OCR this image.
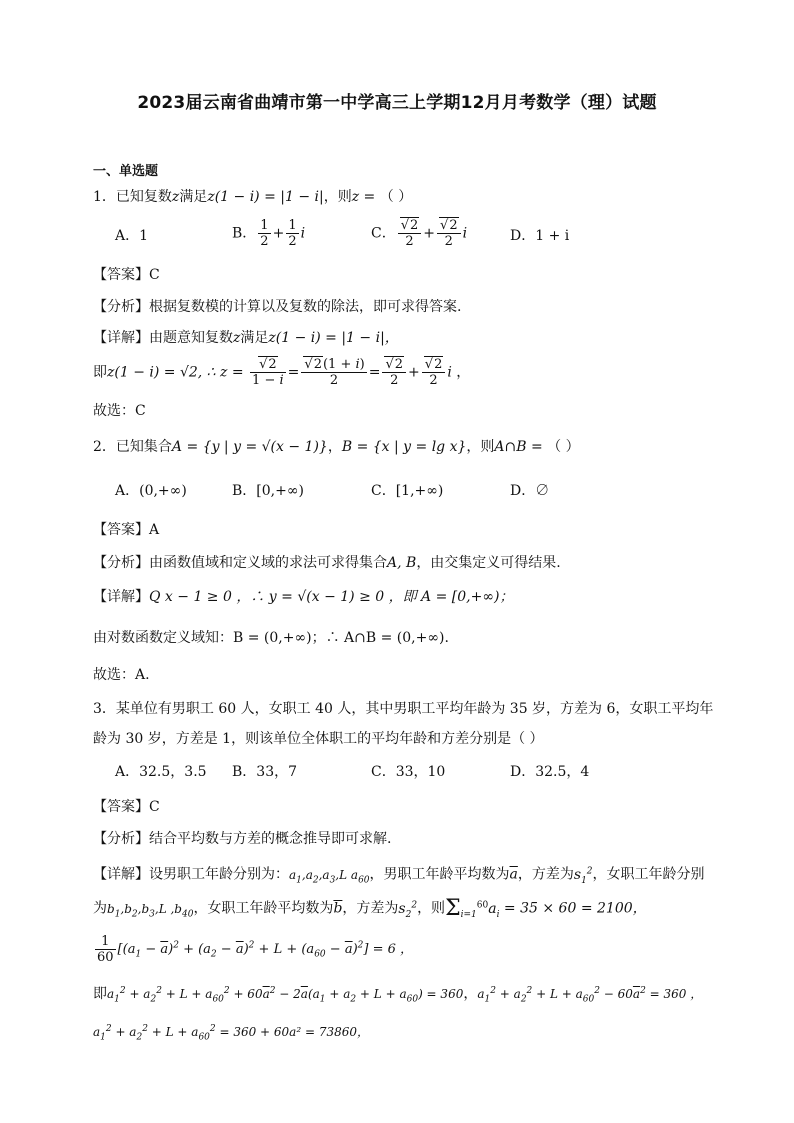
2023届云南省曲靖市第一中学高三上学期12月月考数学（理）试题
一、单选题
1．已知复数z满足z(1 − i) = |1 − i|，则z = （ ）
A．1	B． $\frac{1}{2} + \frac{1}{2}$ i	C． √ $\frac{2}{2}$ + √ $\frac{2}{2}$ i	D．1 + i
【答案】C
【分析】根据复数模的计算以及复数的除法，即可求得答案.
【详解】由题意知复数z满足z(1 − i) = |1 − i|，
即z(1 − i) = √2, ∴ z = √ $\frac{2}{1 - i}$ = √ $\frac{2(1 + i)}{2}$ = √ $\frac{2}{2}$ + √ $\frac{2}{2}$ i ，
故选：C
2．已知集合A = {y | y = √(x − 1)}，B = {x | y = lg x}，则A∩B = （ ）
A．(0,+∞)	B．[0,+∞)	C．[1,+∞)	D．∅
【答案】A
【分析】由函数值域和定义域的求法可求得集合A, B，由交集定义可得结果.
【详解】Q x − 1 ≥ 0 ，∴ y = √(x − 1) ≥ 0 ，即 A = [0,+∞)；
由对数函数定义域知：B = (0,+∞)；∴ A∩B = (0,+∞).
故选：A.
3．某单位有男职工 60 人，女职工 40 人，其中男职工平均年龄为 35 岁，方差为 6，女职工平均年
龄为 30 岁，方差是 1，则该单位全体职工的平均年龄和方差分别是（ ）
A．32.5，3.5 B．33，7	C．33，10	D．32.5，4
【答案】C
【分析】结合平均数与方差的概念推导即可求解.
【详解】设男职工年龄分别为：$a_1,a_2,a_3,L$ $a_{60}$，男职工年龄平均数为$\overline{a}$，方差为$s_1^2$，女职工年龄分别
为$b_1,b_2,b_3,L$ $,b_{40}$，女职工年龄平均数为$\overline{b}$，方差为$s_2^2$，则$\Sigma_{i=1}^{60}a_i = 35 \times 60 = 2100$，
$\frac{1}{60} [(a_1 - \overline{a})^2 + (a_2 - \overline{a})^2 + L + (a_{60} - \overline{a})^2] = 6$ ，
即$a_1^2 + a_2^2 + L + a_{60}^2 + 60\overline{a}^2 - 2\overline{a}(a_1 + a_2 + L + a_{60}) = 360$，$a_1^2 + a_2^2 + L + a_{60}^2 - 60\overline{a}^2 = 360$ ，
$a_1^2 + a_2^2 + L + a_{60}^2 = 360 + 60a^2 = 73860$，
